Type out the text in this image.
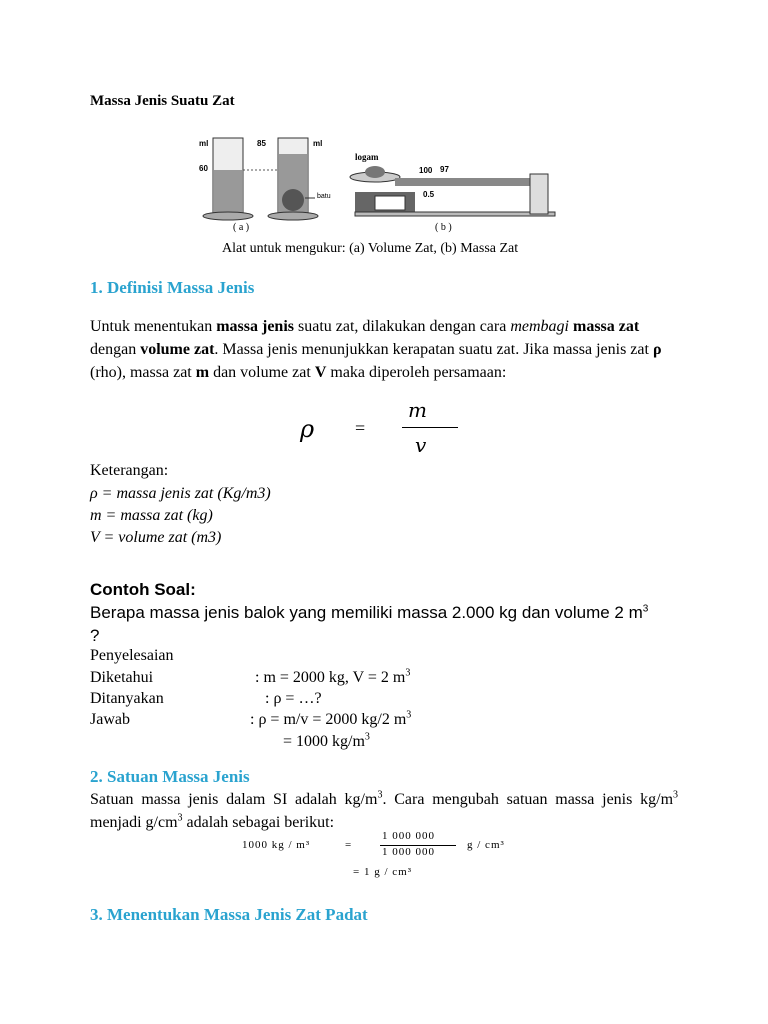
Massa Jenis Suatu Zat
ml
60
85	ml
batu
logam
100 97
0.5
( a )	( b )
Alat untuk mengukur: (a) Volume Zat, (b) Massa Zat
1. Definisi Massa Jenis
Untuk menentukan massa jenis suatu zat, dilakukan dengan cara membagi massa zat dengan volume zat. Massa jenis menunjukkan kerapatan suatu zat. Jika massa jenis zat ρ (rho), massa zat m dan volume zat V maka diperoleh persamaan:
ρ =
m
v
Keterangan:
ρ = massa jenis zat (Kg/m3)
m = massa zat (kg)
V = volume zat (m3)
Contoh Soal:
Berapa massa jenis balok yang memiliki massa 2.000 kg dan volume 2 $m^3$
?
Penyelesaian
Diketahui	: m = 2000 kg, V = 2 $m^3$
Ditanyakan	: ρ = …?
Jawab	: ρ = m/v = 2000 kg/2 $m^3$
= 1000 $kg/m^3$
2. Satuan Massa Jenis
Satuan massa jenis dalam SI adalah $kg/m^3$. Cara mengubah satuan massa jenis $kg/m^3$ menjadi $g/cm^3$ adalah sebagai berikut:
1000 kg / m³	=
1 000 000
1 000 000
g / cm³
= 1 g / cm³
3. Menentukan Massa Jenis Zat Padat
